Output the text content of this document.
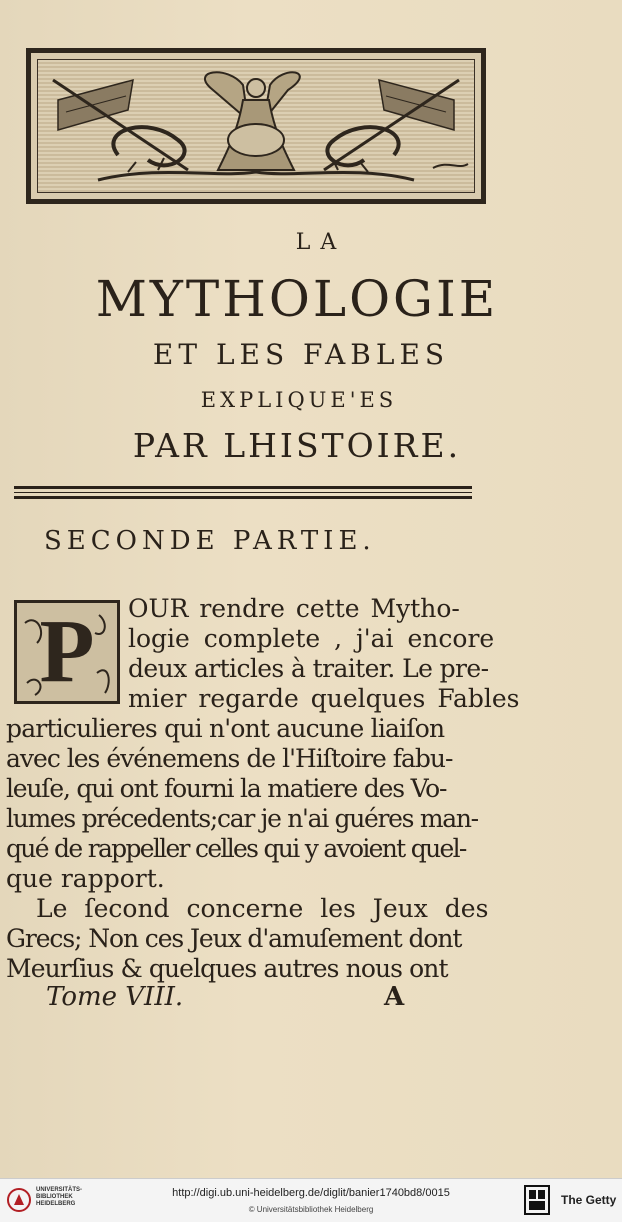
LA
MYTHOLOGIE
ET LES FABLES
EXPLIQUE'ES
PAR LHISTOIRE.
SECONDE PARTIE.
P	OUR rendre cette Mytho-
logie complete , j'ai encore
deux articles à traiter. Le pre-
mier regarde quelques Fables
particulieres qui n'ont aucune liaiſon
avec les événemens de l'Hiſtoire fabu-
leuſe, qui ont fourni la matiere des Vo-
lumes précedents;car je n'ai guéres man-
qué de rappeller celles qui y avoient quel-
que rapport.
Le ſecond concerne les Jeux des
Grecs; Non ces Jeux d'amuſement dont
Meurſius & quelques autres nous ont
Tome VIII.	A
UNIVERSITÄTS-
BIBLIOTHEK
HEIDELBERG
http://digi.ub.uni-heidelberg.de/diglit/banier1740bd8/0015
© Universitätsbibliothek Heidelberg
The Getty
